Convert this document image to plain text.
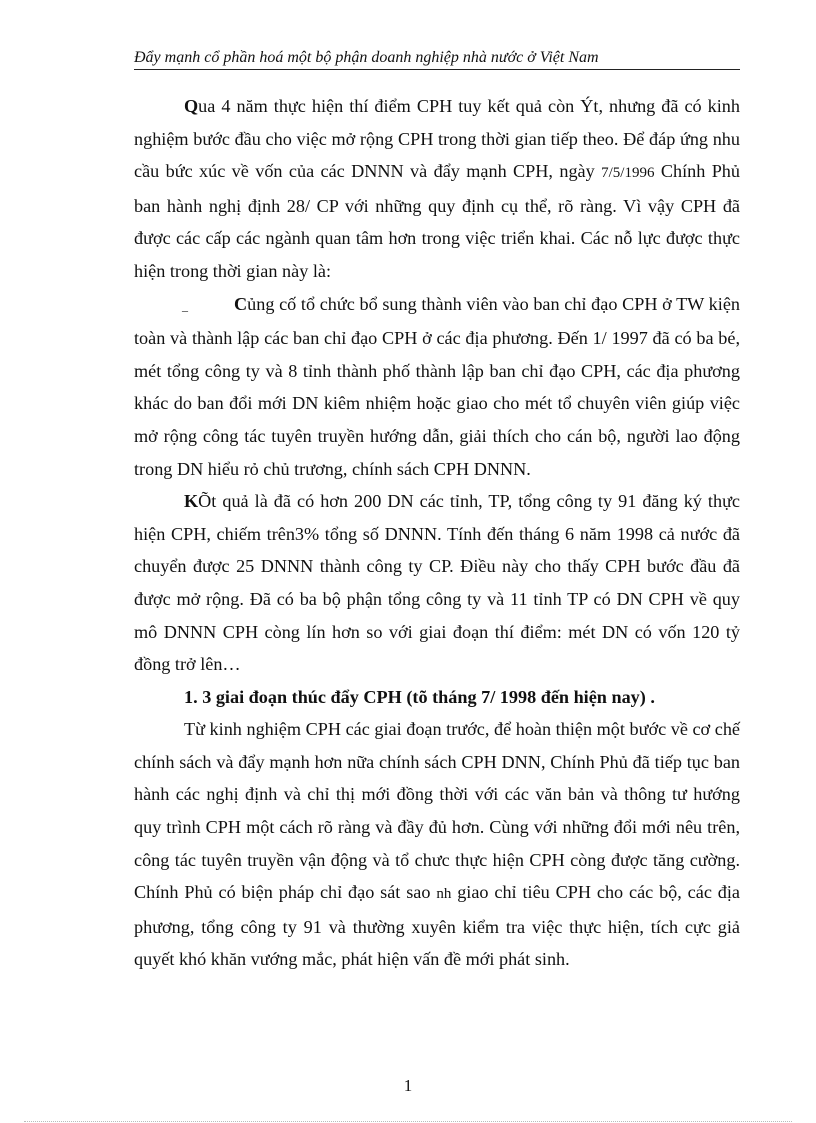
Đẩy mạnh cổ phần hoá một bộ phận doanh nghiệp nhà nước ở Việt Nam

Qua 4 năm thực hiện thí điểm CPH tuy kết quả còn Ýt, nhưng đã có kinh nghiệm bước đầu cho việc mở rộng CPH trong thời gian tiếp theo. Để đáp ứng nhu cầu bức xúc về vốn của các DNNN và đẩy mạnh CPH, ngày 7/5/1996 Chính Phủ ban hành nghị định 28/ CP với những quy định cụ thể, rõ ràng. Vì vậy CPH đã được các cấp các ngành quan tâm hơn trong việc triển khai. Các nỗ lực được thực hiện trong thời gian này là:

_	Củng cố tổ chức bổ sung thành viên vào ban chỉ đạo CPH ở TW kiện toàn và thành lập các ban chỉ đạo CPH ở các địa phương. Đến 1/ 1997 đã có ba bé, mét tổng công ty và 8 tỉnh thành phố thành lập ban chỉ đạo CPH, các địa phương khác do ban đổi mới DN kiêm nhiệm hoặc giao cho mét tổ chuyên viên giúp việc mở rộng công tác tuyên truyền hướng dẫn, giải thích cho cán bộ, người lao động trong DN hiểu rỏ chủ trương, chính sách CPH DNNN.

KÕt quả là đã có hơn 200 DN các tỉnh, TP, tổng công ty 91 đăng ký thực hiện CPH, chiếm trên3% tổng số DNNN. Tính đến tháng 6 năm 1998 cả nước đã chuyển được 25 DNNN thành công ty CP. Điều này cho thấy CPH bước đầu đã được mở rộng. Đã có ba bộ phận tổng công ty và 11 tỉnh TP có DN CPH về quy mô DNNN CPH còng lín hơn so với giai đoạn thí điểm: mét DN có vốn 120 tỷ đồng trở lên…

1. 3 giai đoạn thúc đẩy CPH (tõ tháng 7/ 1998 đến hiện nay) .

Từ kinh nghiệm CPH các giai đoạn trước, để hoàn thiện một bước về cơ chế chính sách và đẩy mạnh hơn nữa chính sách CPH DNN, Chính Phủ đã tiếp tục ban hành các nghị định và chỉ thị mới đồng thời với các văn bản và thông tư hướng quy trình CPH một cách rõ ràng và đầy đủ hơn. Cùng với những đổi mới nêu trên, công tác tuyên truyền vận động và tổ chưc thực hiện CPH còng được tăng cường. Chính Phủ có biện pháp chỉ đạo sát sao nh giao chỉ tiêu CPH cho các bộ, các địa phương, tổng công ty 91 và thường xuyên kiểm tra việc thực hiện, tích cực giả quyết khó khăn vướng mắc, phát hiện vấn đề mới phát sinh.

1
